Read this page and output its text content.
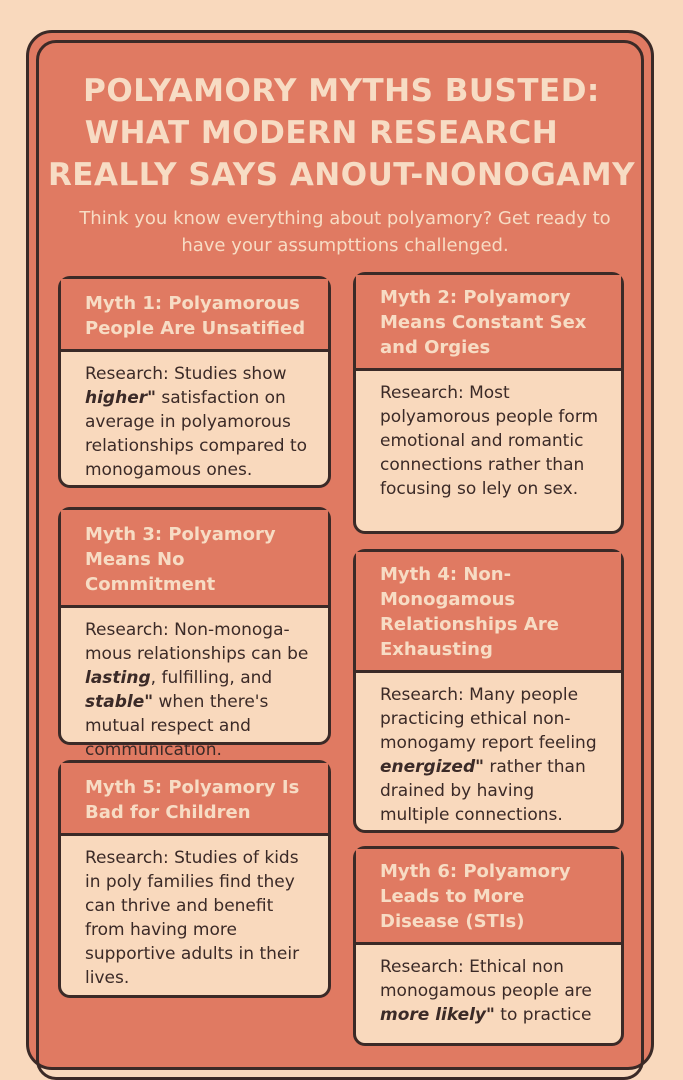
POLYAMORY MYTHS BUSTED:
WHAT MODERN RESEARCH
REALLY SAYS ANOUT-NONOGAMY
Think you know everything about polyamory? Get ready to have your assumpttions challenged.
Myth 1: Polyamorous People Are Unsatified
Research: Studies show higher" satisfaction on average in polyamorous relationships compared to monogamous ones.
Myth 2: Polyamory Means Constant Sex and Orgies
Research: Most polyamorous people form emotional and romantic connections rather than focusing so lely on sex.
Myth 3: Polyamory Means No Commitment
Research: Non-monoga-mous relationships can be lasting, fulfilling, and stable" when there's mutual respect and communication.
Myth 4: Non-Monogamous Relationships Are Exhausting
Research: Many people practicing ethical non-monogamy report feeling energized" rather than drained by having multiple connections.
Myth 5: Polyamory Is Bad for Children
Research: Studies of kids in poly families find they can thrive and benefit from having more supportive adults in their lives.
Myth 6: Polyamory Leads to More Disease (STIs)
Research: Ethical non monogamous people are more likely" to practice
